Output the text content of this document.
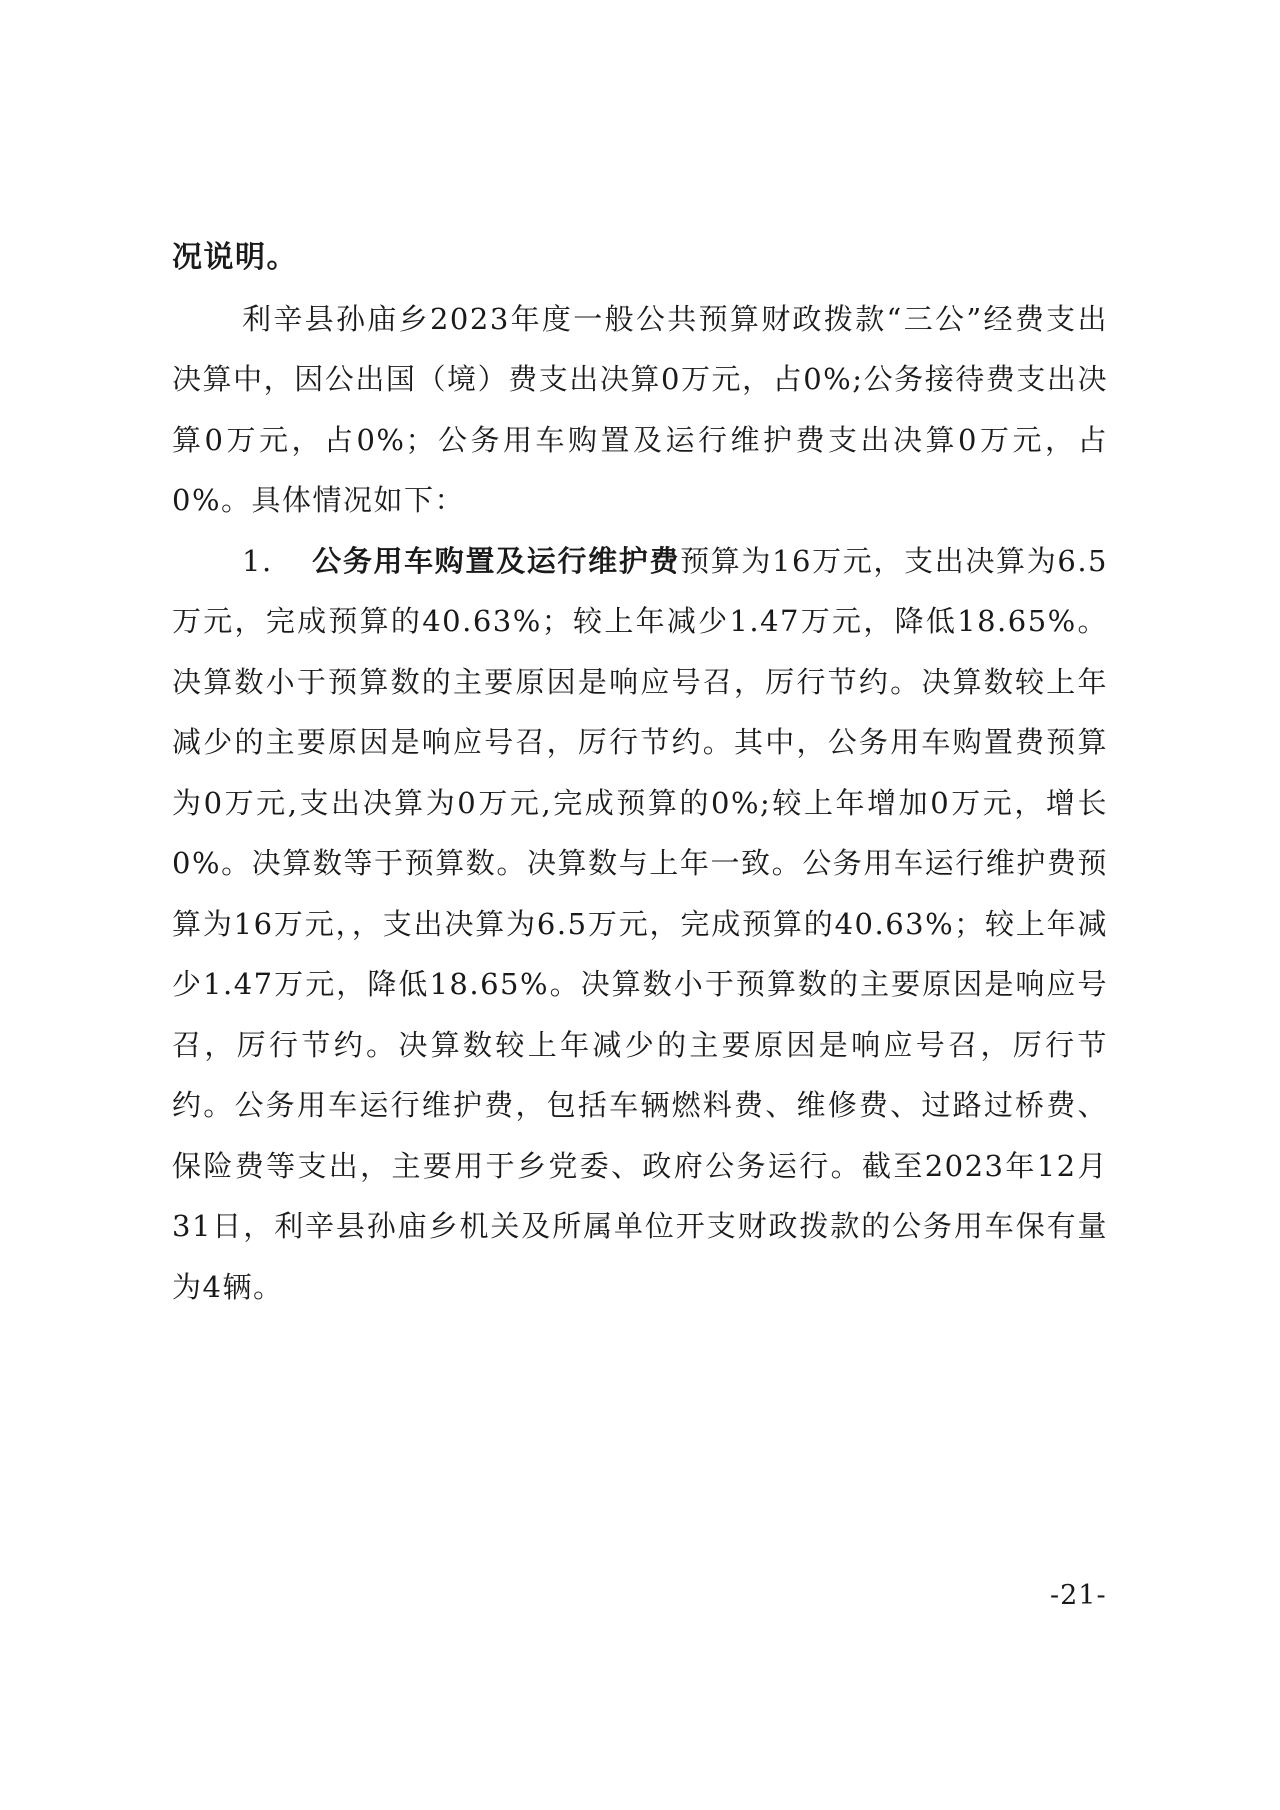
况说明。

利辛县孙庙乡2023年度一般公共预算财政拨款“三公”经费支出决算中，因公出国（境）费支出决算0万元，占0%;公务接待费支出决算0万元，占0%；公务用车购置及运行维护费支出决算0万元，占0%。具体情况如下：

1. 公务用车购置及运行维护费预算为16万元，支出决算为6.5万元，完成预算的40.63%；较上年减少1.47万元，降低18.65%。决算数小于预算数的主要原因是响应号召，厉行节约。决算数较上年减少的主要原因是响应号召，厉行节约。其中，公务用车购置费预算为0万元,支出决算为0万元,完成预算的0%;较上年增加0万元，增长0%。决算数等于预算数。决算数与上年一致。公务用车运行维护费预算为16万元，，支出决算为6.5万元，完成预算的40.63%；较上年减少1.47万元，降低18.65%。决算数小于预算数的主要原因是响应号召，厉行节约。决算数较上年减少的主要原因是响应号召，厉行节约。公务用车运行维护费，包括车辆燃料费、维修费、过路过桥费、保险费等支出，主要用于乡党委、政府公务运行。截至2023年12月31日，利辛县孙庙乡机关及所属单位开支财政拨款的公务用车保有量为4辆。

-21-
